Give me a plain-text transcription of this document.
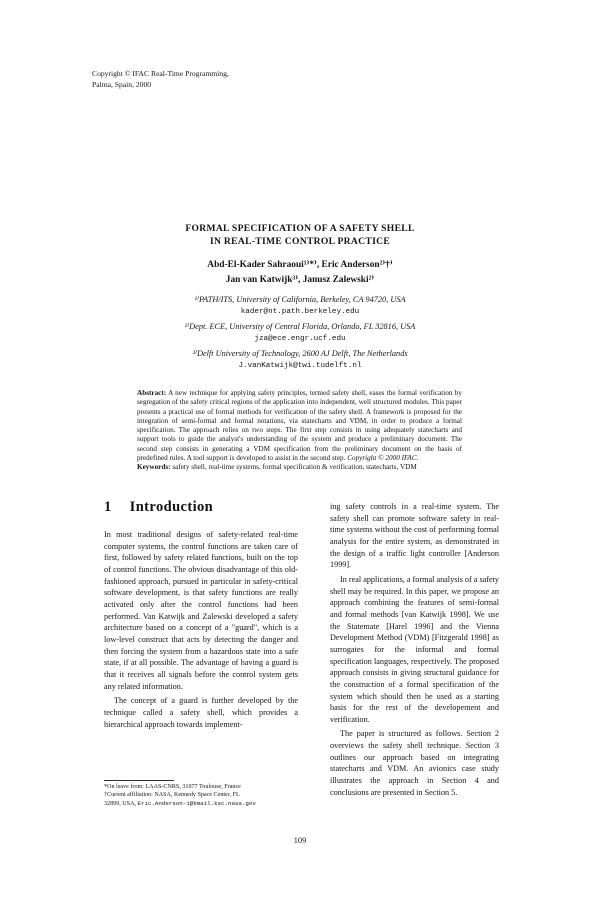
Copyright © IFAC Real-Time Programming,
Palma, Spain, 2000
FORMAL SPECIFICATION OF A SAFETY SHELL
IN REAL-TIME CONTROL PRACTICE
Abd-El-Kader Sahraoui¹⁾*⁾, Eric Anderson²⁾†⁾
Jan van Katwijk³⁾, Janusz Zalewski²⁾
¹⁾PATH/ITS, University of California, Berkeley, CA 94720, USA
kader@nt.path.berkeley.edu
²⁾Dept. ECE, University of Central Florida, Orlando, FL 32816, USA
jza@ece.engr.ucf.edu
³⁾Delft University of Technology, 2600 AJ Delft, The Netherlands
J.vanKatwijk@twi.tudelft.nl
Abstract: A new technique for applying safety principles, termed safety shell, eases the formal verification by segregation of the safety critical regions of the application into independent, well structured modules. This paper presents a practical use of formal methods for verification of the safety shell. A framework is proposed for the integration of semi-formal and formal notations, via statecharts and VDM, in order to produce a formal specification. The approach relies on two steps. The first step consists in using adequately statecharts and support tools to guide the analyst's understanding of the system and produce a preliminary document. The second step consists in generating a VDM specification from the preliminary document on the basis of predefined rules. A tool support is developed to assist in the second step. Copyright © 2000 IFAC.
Keywords: safety shell, real-time systems, formal specification & verification, statecharts, VDM
1 Introduction

In most traditional designs of safety-related real-time computer systems, the control functions are taken care of first, followed by safety related functions, built on the top of control functions. The obvious disadvantage of this old-fashioned approach, pursued in particular in safety-critical software development, is that safety functions are really activated only after the control functions had been performed. Van Katwijk and Zalewski developed a safety architecture based on a concept of a "guard", which is a low-level construct that acts by detecting the danger and then forcing the system from a hazardous state into a safe state, if at all possible. The advantage of having a guard is that it receives all signals before the control system gets any related information.

The concept of a guard is further developed by the technique called a safety shell, which provides a hierarchical approach towards implement-

ing safety controls in a real-time system. The safety shell can promote software safety in real-time systems without the cost of performing formal analysis for the entire system, as demonstrated in the design of a traffic light controller [Anderson 1999].

In real applications, a formal analysis of a safety shell may be required. In this paper, we propose an approach combining the features of semi-formal and formal methods [van Katwijk 1998]. We use the Statemate [Harel 1996] and the Vienna Development Method (VDM) [Fitzgerald 1998] as surrogates for the informal and formal specification languages, respectively. The proposed approach consists in giving structural guidance for the construction of a formal specification of the system which should then be used as a starting basis for the rest of the developement and verification.

The paper is structured as follows. Section 2 overviews the safety shell technique. Section 3 outlines our approach based on integrating statecharts and VDM. An avionics case study illustrates the approach in Section 4 and conclusions are presented in Section 5.

*On leave from: LAAS-CNRS, 31077 Toulouse, France
†Current affiliation: NASA, Kennedy Space Center, FL
32899, USA, Eric.Anderson-1@kmail.ksc.nasa.gov
109
